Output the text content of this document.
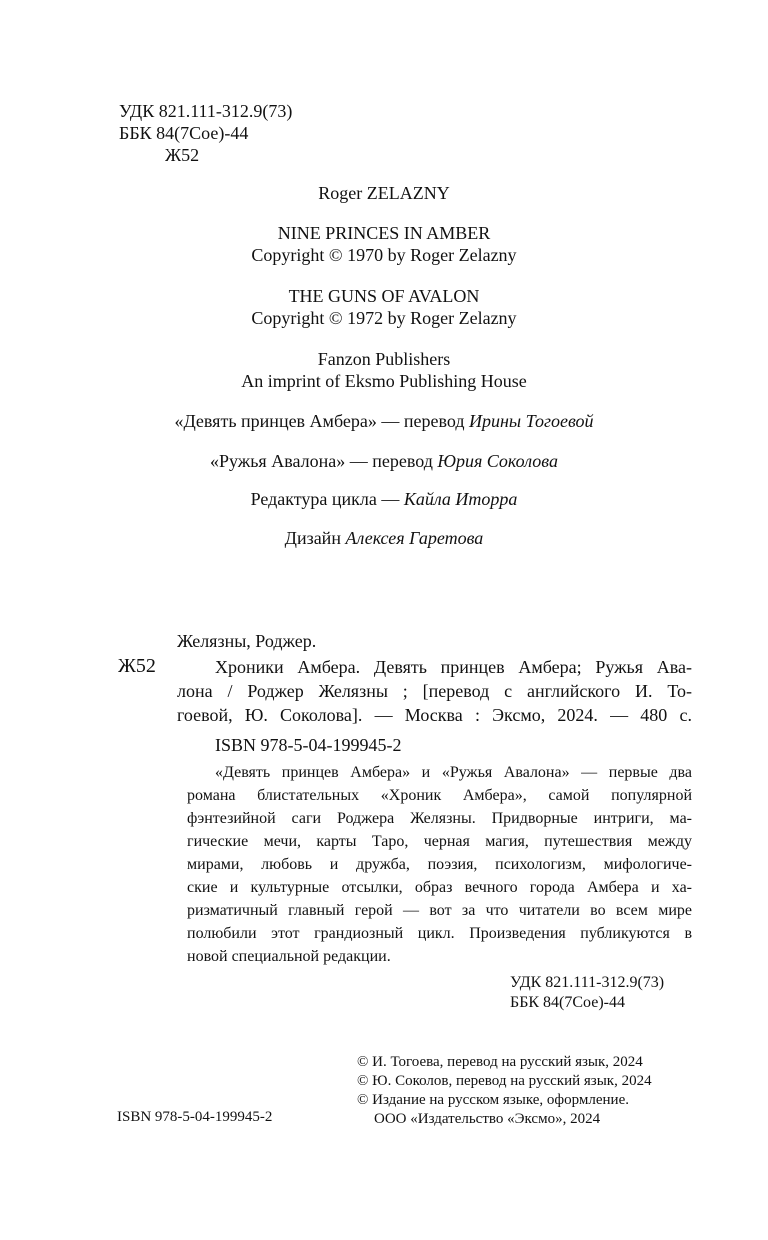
УДК 821.111-312.9(73)
ББК 84(7Сое)-44
Ж52
Roger ZELAZNY
NINE PRINCES IN AMBER
Copyright © 1970 by Roger Zelazny
THE GUNS OF AVALON
Copyright © 1972 by Roger Zelazny
Fanzon Publishers
An imprint of Eksmo Publishing House
«Девять принцев Амбера» — перевод Ирины Тогоевой
«Ружья Авалона» — перевод Юрия Соколова
Редактура цикла — Кайла Иторра
Дизайн Алексея Гаретова
Желязны, Роджер.
Ж52	Хроники Амбера. Девять принцев Амбера; Ружья Ава-
лона / Роджер Желязны ; [перевод с английского И. То-
гоевой, Ю. Соколова]. — Москва : Эксмо, 2024. — 480 с.
ISBN 978-5-04-199945-2
«Девять принцев Амбера» и «Ружья Авалона» — первые два
романа блистательных «Хроник Амбера», самой популярной
фэнтезийной саги Роджера Желязны. Придворные интриги, ма-
гические мечи, карты Таро, черная магия, путешествия между
мирами, любовь и дружба, поэзия, психологизм, мифологиче-
ские и культурные отсылки, образ вечного города Амбера и ха-
ризматичный главный герой — вот за что читатели во всем мире
полюбили этот грандиозный цикл. Произведения публикуются в
новой специальной редакции.
УДК 821.111-312.9(73)
ББК 84(7Сое)-44
© И. Тогоева, перевод на русский язык, 2024
© Ю. Соколов, перевод на русский язык, 2024
© Издание на русском языке, оформление.
ООО «Издательство «Эксмо», 2024
ISBN 978-5-04-199945-2
